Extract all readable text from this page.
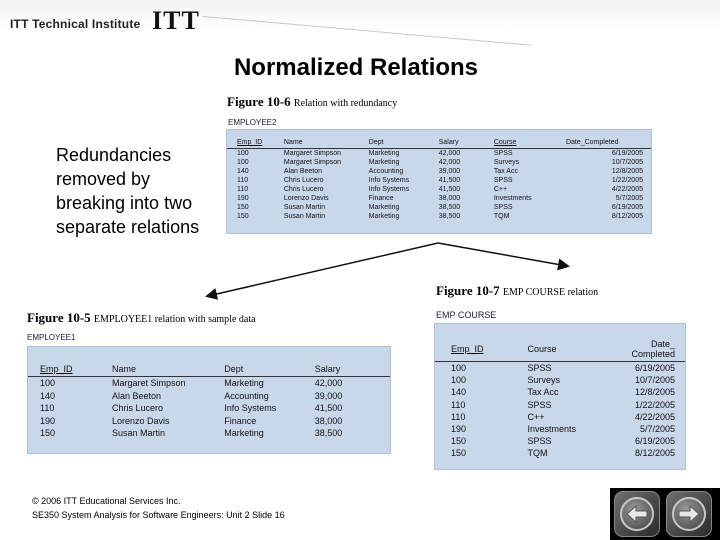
ITT Technical Institute ITT
Normalized Relations
Redundancies removed by breaking into two separate relations
Figure 10-6 Relation with redundancy
EMPLOYEE2
Emp_ID	Name	Dept	Salary	Course	Date_Completed
100	Margaret Simpson	Marketing	42,000	SPSS	6/19/2005
100	Margaret Simpson	Marketing	42,000	Surveys	10/7/2005
140	Alan Beeton	Accounting	39,000	Tax Acc	12/8/2005
110	Chris Lucero	Info Systems	41,500	SPSS	1/22/2005
110	Chris Lucero	Info Systems	41,500	C++	4/22/2005
190	Lorenzo Davis	Finance	38,000	Investments	5/7/2005
150	Susan Martin	Marketing	38,500	SPSS	6/19/2005
150	Susan Martin	Marketing	38,500	TQM	8/12/2005
Figure 10-5 EMPLOYEE1 relation with sample data
EMPLOYEE1
Emp_ID	Name	Dept	Salary
100	Margaret Simpson	Marketing	42,000
140	Alan Beeton	Accounting	39,000
110	Chris Lucero	Info Systems	41,500
190	Lorenzo Davis	Finance	38,000
150	Susan Martin	Marketing	38,500
Figure 10-7 EMP COURSE relation
EMP COURSE
Emp_ID	Course	Date_
Completed
100	SPSS	6/19/2005
100	Surveys	10/7/2005
140	Tax Acc	12/8/2005
110	SPSS	1/22/2005
110	C++	4/22/2005
190	Investments	5/7/2005
150	SPSS	6/19/2005
150	TQM	8/12/2005
© 2006 ITT Educational Services Inc.
SE350 System Analysis for Software Engineers: Unit 2 Slide 16
